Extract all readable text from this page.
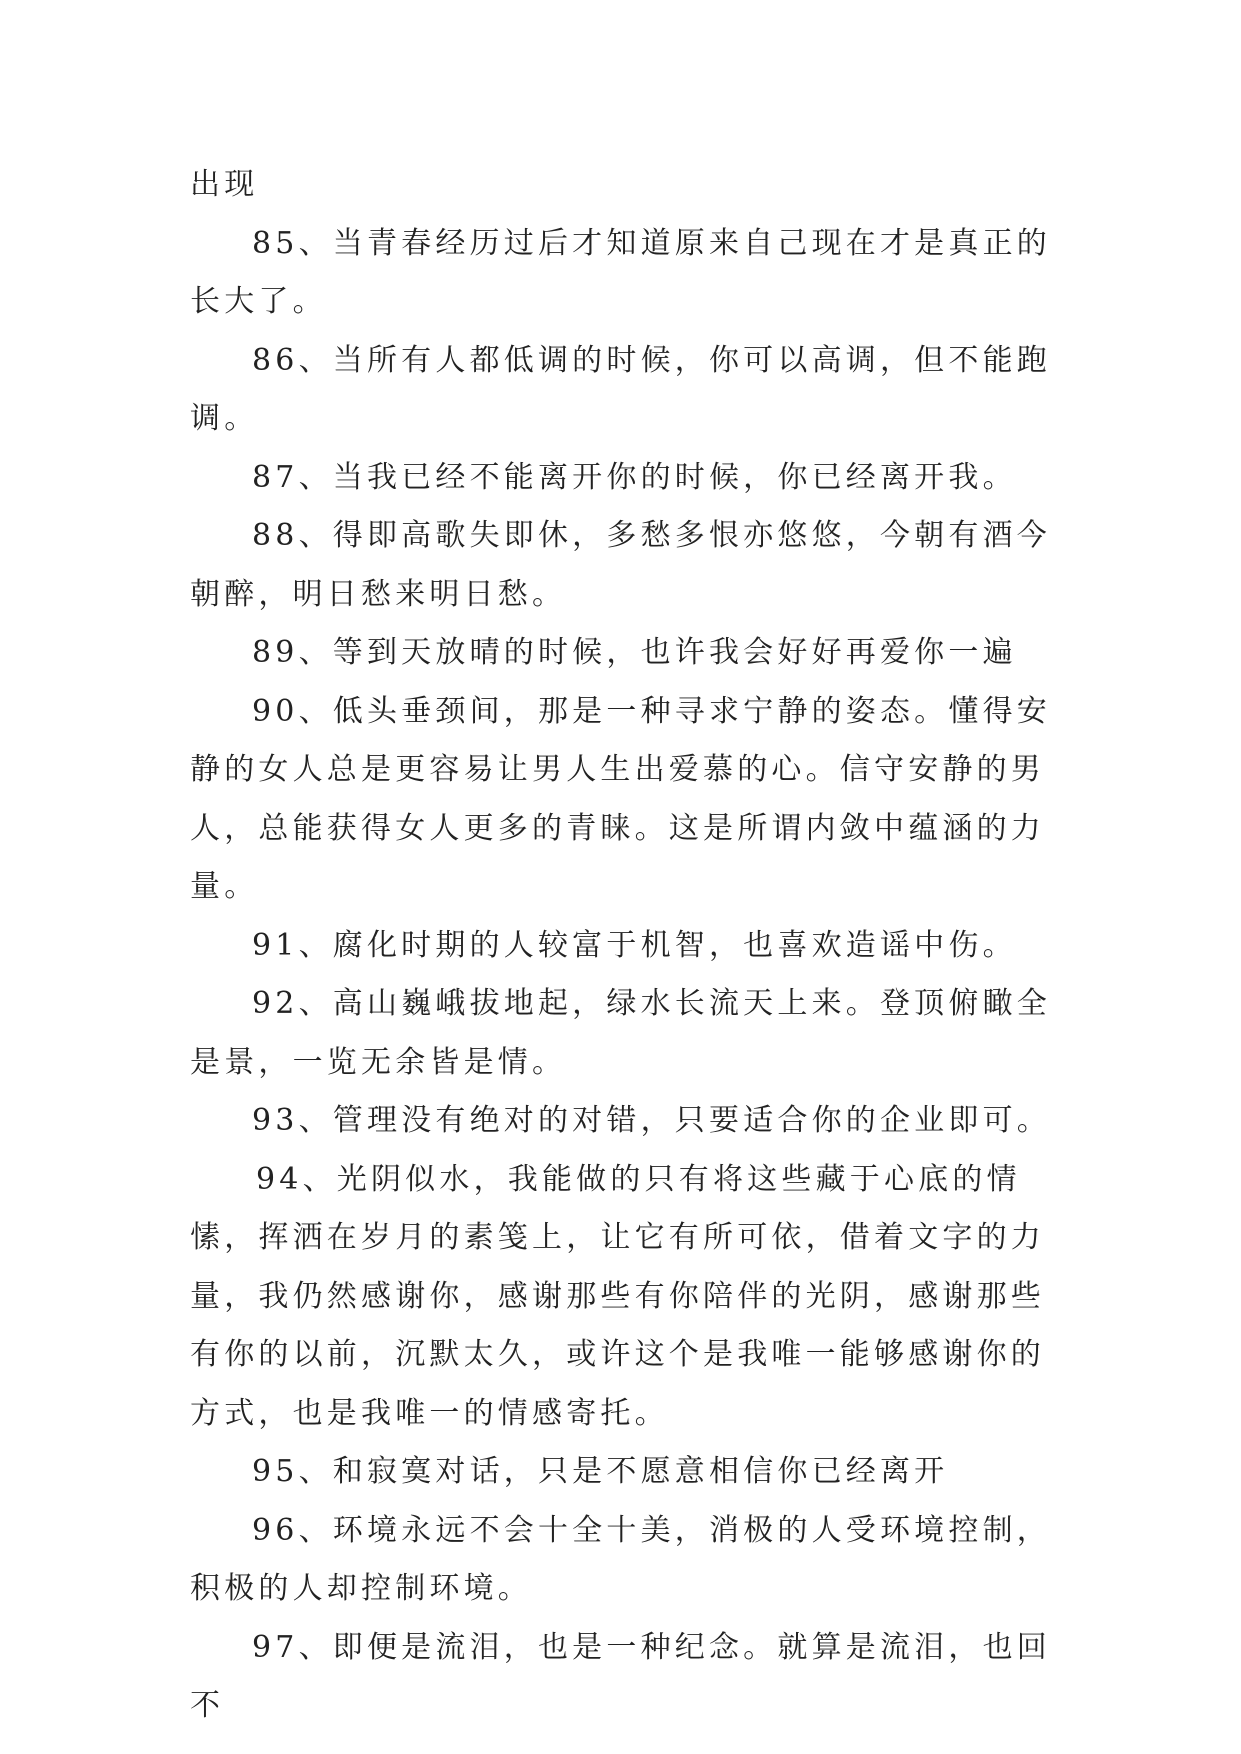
出现

85、当青春经历过后才知道原来自己现在才是真正的长大了。

86、当所有人都低调的时候，你可以高调，但不能跑调。

87、当我已经不能离开你的时候，你已经离开我。

88、得即高歌失即休，多愁多恨亦悠悠，今朝有酒今朝醉，明日愁来明日愁。

89、等到天放晴的时候，也许我会好好再爱你一遍

90、低头垂颈间，那是一种寻求宁静的姿态。懂得安静的女人总是更容易让男人生出爱慕的心。信守安静的男人，总能获得女人更多的青睐。这是所谓内敛中蕴涵的力量。

91、腐化时期的人较富于机智，也喜欢造谣中伤。

92、高山巍峨拔地起，绿水长流天上来。登顶俯瞰全是景，一览无余皆是情。

93、管理没有绝对的对错，只要适合你的企业即可。

94、光阴似水，我能做的只有将这些藏于心底的情愫，挥洒在岁月的素笺上，让它有所可依，借着文字的力量，我仍然感谢你，感谢那些有你陪伴的光阴，感谢那些有你的以前，沉默太久，或许这个是我唯一能够感谢你的方式，也是我唯一的情感寄托。

95、和寂寞对话，只是不愿意相信你已经离开

96、环境永远不会十全十美，消极的人受环境控制，积极的人却控制环境。

97、即便是流泪，也是一种纪念。就算是流泪，也回不
